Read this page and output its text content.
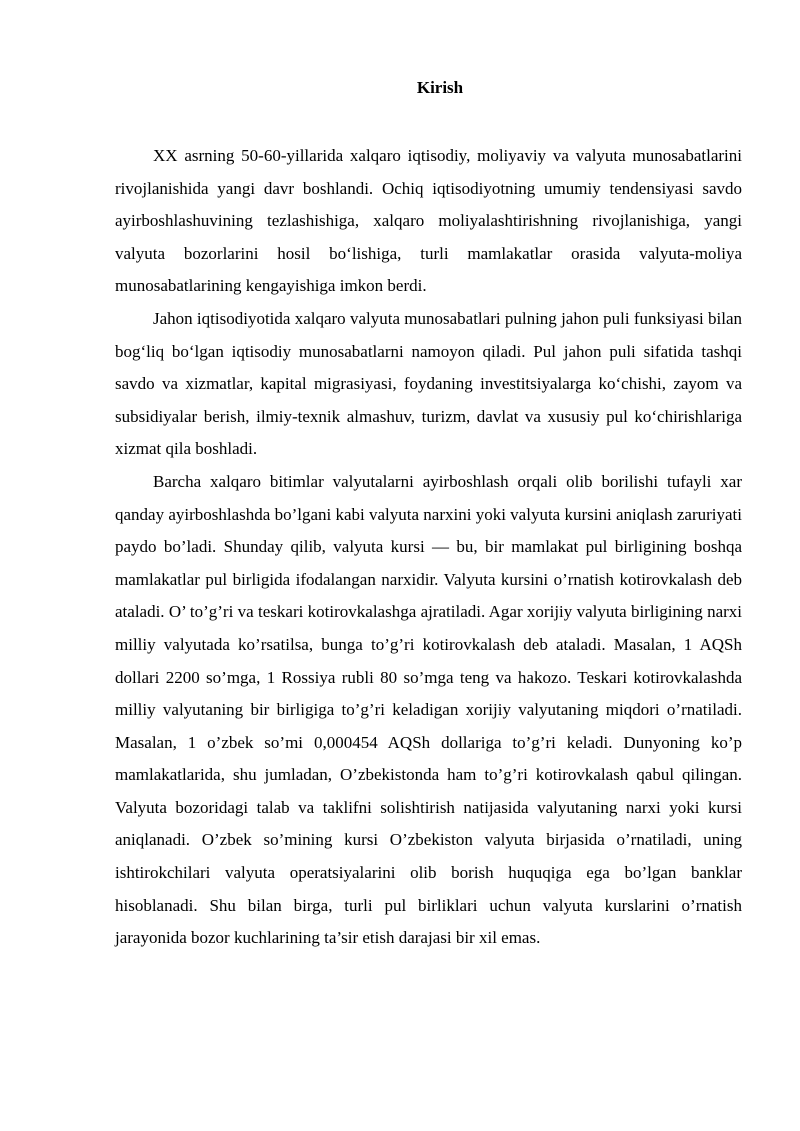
Kirish

XX asrning 50-60-yillarida xalqaro iqtisodiy, moliyaviy va valyuta munosabatlarini rivojlanishida yangi davr boshlandi. Ochiq iqtisodiyotning umumiy tendensiyasi savdo ayirboshlashuvining tezlashishiga, xalqaro moliyalashtirishning rivojlanishiga, yangi valyuta bozorlarini hosil bo‘lishiga, turli mamlakatlar orasida valyuta-moliya munosabatlarining kengayishiga imkon berdi.

Jahon iqtisodiyotida xalqaro valyuta munosabatlari pulning jahon puli funksiyasi bilan bog‘liq bo‘lgan iqtisodiy munosabatlarni namoyon qiladi. Pul jahon puli sifatida tashqi savdo va xizmatlar, kapital migrasiyasi, foydaning investitsiyalarga ko‘chishi, zayom va subsidiyalar berish, ilmiy-texnik almashuv, turizm, davlat va xususiy pul ko‘chirishlariga xizmat qila boshladi.

Barcha xalqaro bitimlar valyutalarni ayirboshlash orqali olib borilishi tufayli xar qanday ayirboshlashda bo’lgani kabi valyuta narxini yoki valyuta kursini aniqlash zaruriyati paydo bo’ladi. Shunday qilib, valyuta kursi — bu, bir mamlakat pul birligining boshqa mamlakatlar pul birligida ifodalangan narxidir. Valyuta kursini o’rnatish kotirovkalash deb ataladi. O’ to’g’ri va teskari kotirovkalashga ajratiladi. Agar xorijiy valyuta birligining narxi milliy valyutada ko’rsatilsa, bunga to’g’ri kotirovkalash deb ataladi. Masalan, 1 AQSh dollari 2200 so’mga, 1 Rossiya rubli 80 so’mga teng va hakozo. Teskari kotirovkalashda milliy valyutaning bir birligiga to’g’ri keladigan xorijiy valyutaning miqdori o’rnatiladi. Masalan, 1 o’zbek so’mi 0,000454 AQSh dollariga to’g’ri keladi. Dunyoning ko’p mamlakatlarida, shu jumladan, O’zbekistonda ham to’g’ri kotirovkalash qabul qilingan. Valyuta bozoridagi talab va taklifni solishtirish natijasida valyutaning narxi yoki kursi aniqlanadi. O’zbek so’mining kursi O’zbekiston valyuta birjasida o’rnatiladi, uning ishtirokchilari valyuta operatsiyalarini olib borish huquqiga ega bo’lgan banklar hisoblanadi. Shu bilan birga, turli pul birliklari uchun valyuta kurslarini o’rnatish jarayonida bozor kuchlarining ta’sir etish darajasi bir xil emas.
